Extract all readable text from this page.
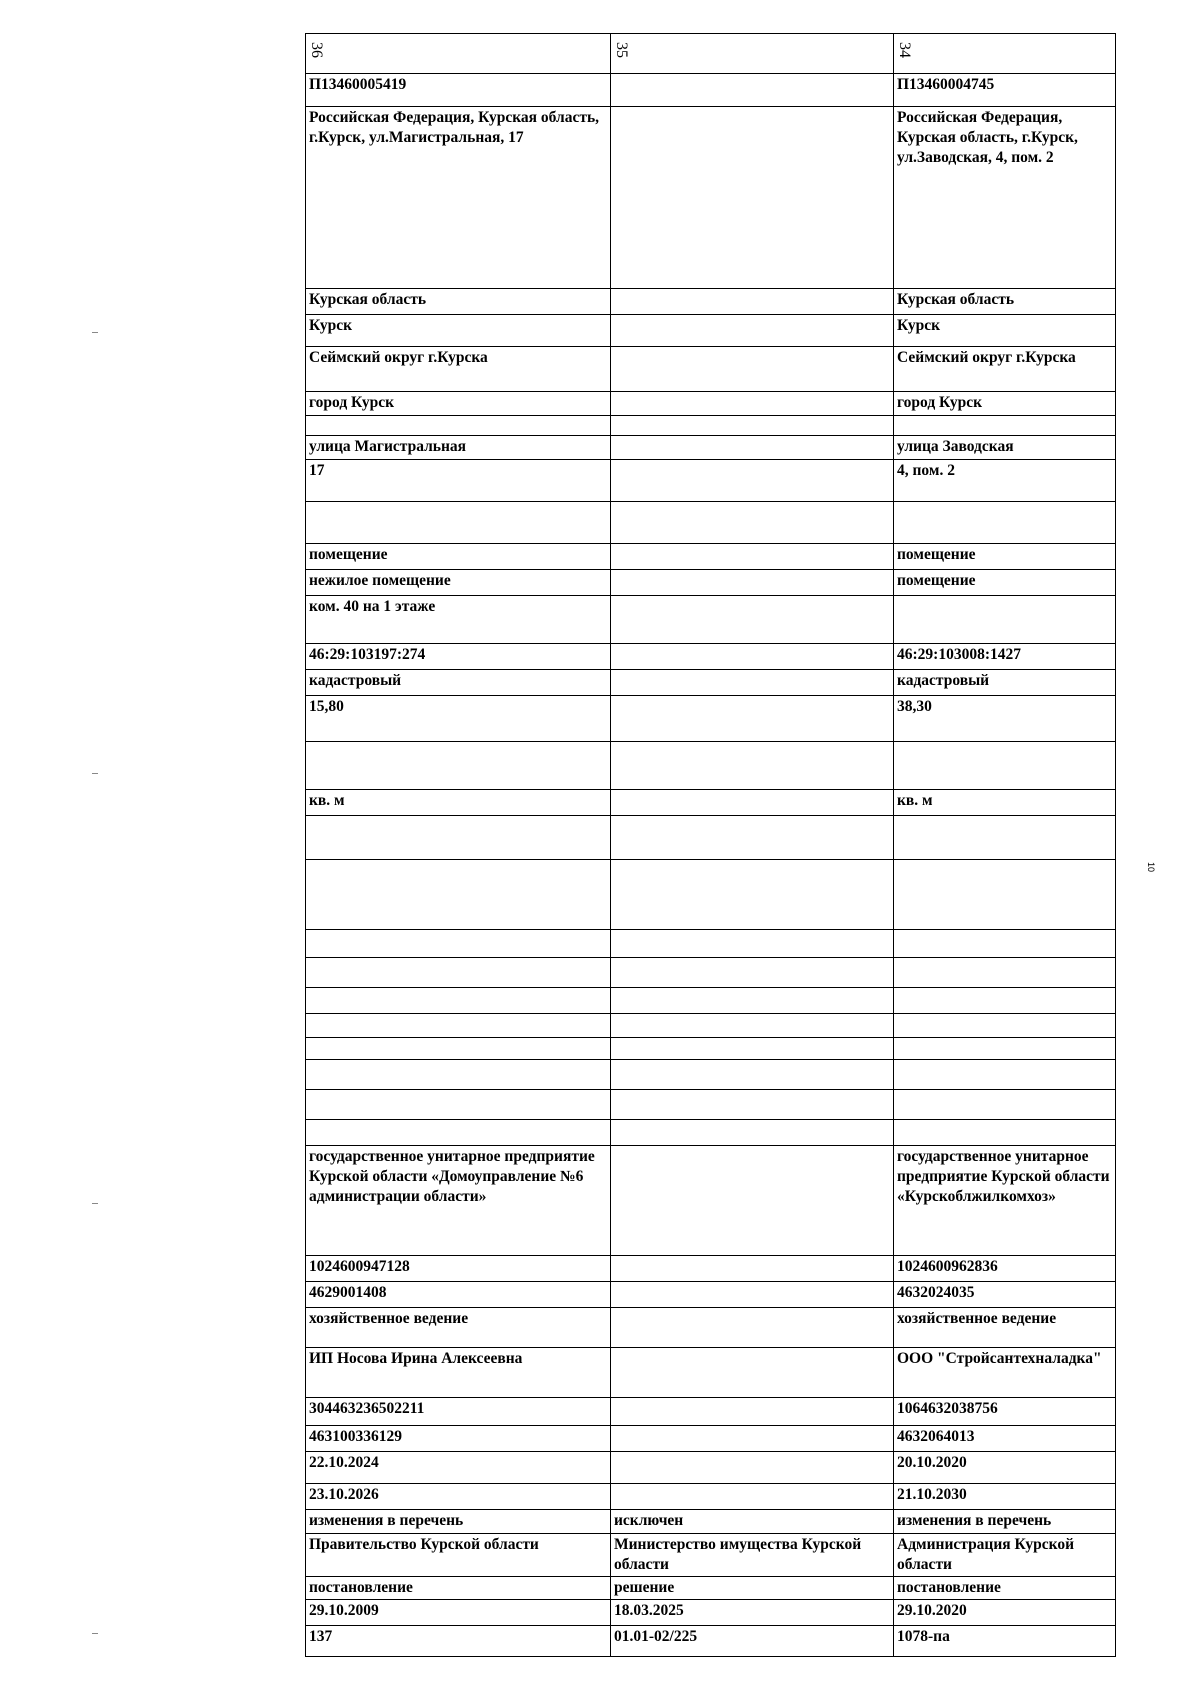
36	35	34
П13460005419		П13460004745
Российская Федерация, Курская область, г.Курск, ул.Магистральная, 17		Российская Федерация, Курская область, г.Курск, ул.Заводская, 4, пом. 2
Курская область		Курская область
Курск		Курск
Сеймский округ г.Курска		Сеймский округ г.Курска
город Курск		город Курск

улица Магистральная		улица Заводская
17		4, пом. 2

помещение		помещение
нежилое помещение		помещение
ком. 40 на 1 этаже		
46:29:103197:274		46:29:103008:1427
кадастровый		кадастровый
15,80		38,30

кв. м		кв. м

государственное унитарное предприятие Курской области «Домоуправление №6 администрации области»		государственное унитарное предприятие Курской области «Курскоблжилкомхоз»
1024600947128		1024600962836
4629001408		4632024035
хозяйственное ведение		хозяйственное ведение
ИП Носова Ирина Алексеевна		ООО "Стройсантехналадка"
304463236502211		1064632038756
463100336129		4632064013
22.10.2024		20.10.2020
23.10.2026		21.10.2030
изменения в перечень	исключен	изменения в перечень
Правительство Курской области	Министерство имущества Курской области	Администрация Курской области
постановление	решение	постановление
29.10.2009	18.03.2025	29.10.2020
137	01.01-02/225	1078-па
10
